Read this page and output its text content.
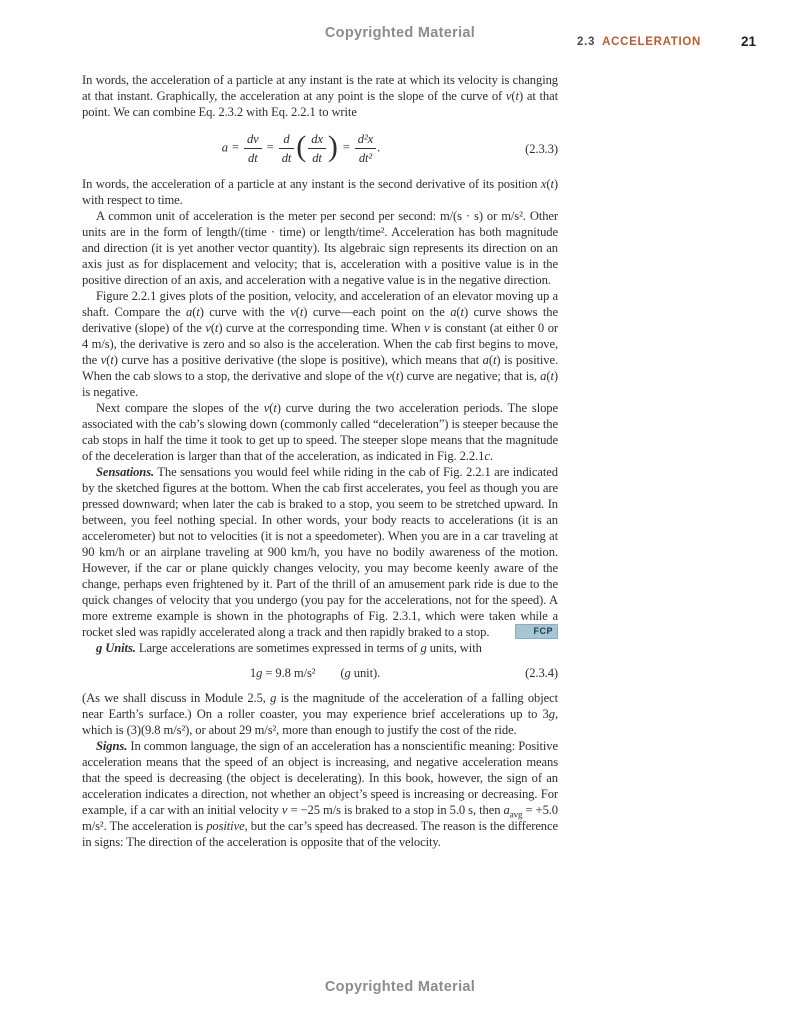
Copyrighted Material
2.3 ACCELERATION	21

In words, the acceleration of a particle at any instant is the rate at which its velocity is changing at that instant. Graphically, the acceleration at any point is the slope of the curve of v(t) at that point. We can combine Eq. 2.3.2 with Eq. 2.2.1 to write

$a = \frac{dv}{dt} = \frac{d}{dt}$ ( $\frac{dx}{dt}$ ) = $\frac{\text{d²x}}{\text{dt²}}$ .	(2.3.3)

In words, the acceleration of a particle at any instant is the second derivative of its position x(t) with respect to time.

A common unit of acceleration is the meter per second per second: m/(s · s) or m/s². Other units are in the form of length/(time · time) or length/time². Acceleration has both magnitude and direction (it is yet another vector quantity). Its algebraic sign represents its direction on an axis just as for displacement and velocity; that is, acceleration with a positive value is in the positive direction of an axis, and acceleration with a negative value is in the negative direction.

Figure 2.2.1 gives plots of the position, velocity, and acceleration of an elevator moving up a shaft. Compare the a(t) curve with the v(t) curve—each point on the a(t) curve shows the derivative (slope) of the v(t) curve at the corresponding time. When v is constant (at either 0 or 4 m/s), the derivative is zero and so also is the acceleration. When the cab first begins to move, the v(t) curve has a positive derivative (the slope is positive), which means that a(t) is positive. When the cab slows to a stop, the derivative and slope of the v(t) curve are negative; that is, a(t) is negative.

Next compare the slopes of the v(t) curve during the two acceleration periods. The slope associated with the cab’s slowing down (commonly called “deceleration”) is steeper because the cab stops in half the time it took to get up to speed. The steeper slope means that the magnitude of the deceleration is larger than that of the acceleration, as indicated in Fig. 2.2.1c.

Sensations. The sensations you would feel while riding in the cab of Fig. 2.2.1 are indicated by the sketched figures at the bottom. When the cab first accelerates, you feel as though you are pressed downward; when later the cab is braked to a stop, you seem to be stretched upward. In between, you feel nothing special. In other words, your body reacts to accelerations (it is an accelerometer) but not to velocities (it is not a speedometer). When you are in a car traveling at 90 km/h or an airplane traveling at 900 km/h, you have no bodily awareness of the motion. However, if the car or plane quickly changes velocity, you may become keenly aware of the change, perhaps even frightened by it. Part of the thrill of an amusement park ride is due to the quick changes of velocity that you undergo (you pay for the accelerations, not for the speed). A more extreme example is shown in the photographs of Fig. 2.3.1, which were taken while a rocket sled was rapidly accelerated along a track and then rapidly braked to a stop.	FCP

g Units. Large accelerations are sometimes expressed in terms of g units, with

1g = 9.8 m/s²  (g unit).	(2.3.4)

(As we shall discuss in Module 2.5, g is the magnitude of the acceleration of a falling object near Earth’s surface.) On a roller coaster, you may experience brief accelerations up to 3g, which is (3)(9.8 m/s²), or about 29 m/s², more than enough to justify the cost of the ride.

Signs. In common language, the sign of an acceleration has a nonscientific meaning: Positive acceleration means that the speed of an object is increasing, and negative acceleration means that the speed is decreasing (the object is decelerating). In this book, however, the sign of an acceleration indicates a direction, not whether an object’s speed is increasing or decreasing. For example, if a car with an initial velocity v = −25 m/s is braked to a stop in 5.0 s, then $a_{avg} = +5.0$ m/s². The acceleration is positive, but the car’s speed has decreased. The reason is the difference in signs: The direction of the acceleration is opposite that of the velocity.

Copyrighted Material
